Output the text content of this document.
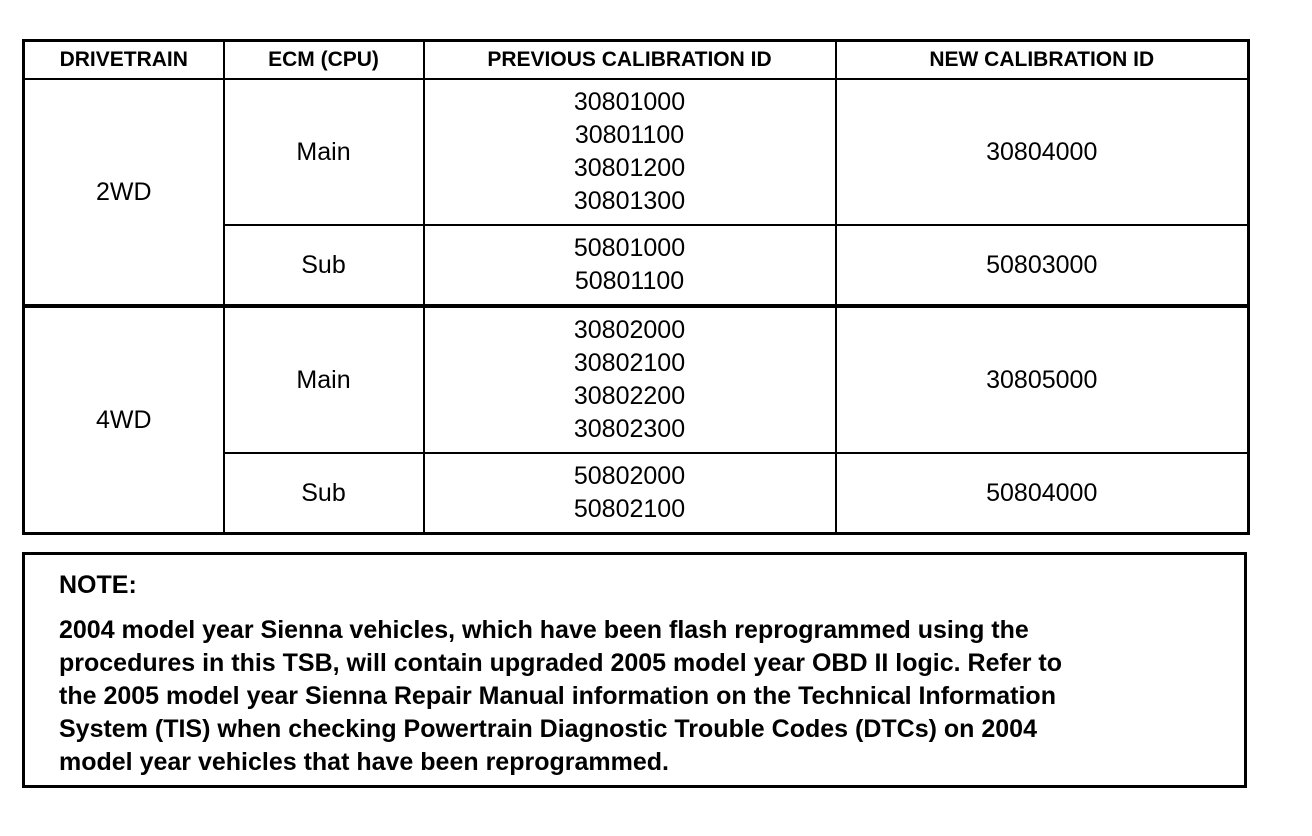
DRIVETRAIN	ECM (CPU)	PREVIOUS CALIBRATION ID	NEW CALIBRATION ID
2WD	Main	30801000
30801100
30801200
30801300	30804000
	Sub	50801000
50801100	50803000
4WD	Main	30802000
30802100
30802200
30802300	30805000
	Sub	50802000
50802100	50804000

NOTE:

2004 model year Sienna vehicles, which have been flash reprogrammed using the
procedures in this TSB, will contain upgraded 2005 model year OBD II logic. Refer to
the 2005 model year Sienna Repair Manual information on the Technical Information
System (TIS) when checking Powertrain Diagnostic Trouble Codes (DTCs) on 2004
model year vehicles that have been reprogrammed.
